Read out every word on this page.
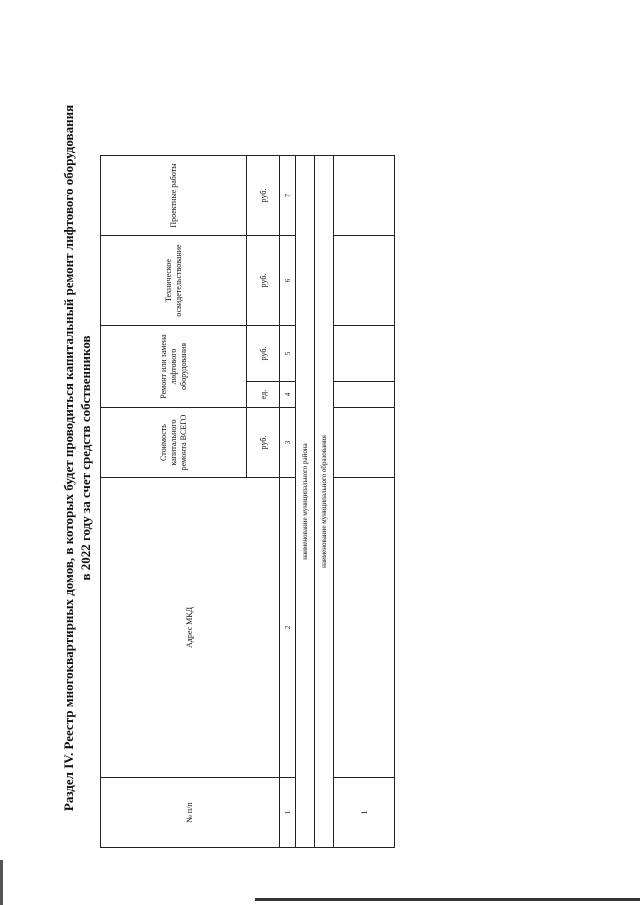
Раздел IV. Реестр многоквартирных домов, в которых будет проводиться капитальный ремонт лифтового оборудования в 2022 году за счет средств собственников
№ п/п	Адрес МКД	Стоимость капитального ремонта ВСЕГО	Ремонт или замена лифтового оборудования		Техническое освидетельствование	Проектные работы
		руб.	ед.	руб.	руб.	руб.
1	2	3	4	5	6	7
наименование муниципального района						
наименование муниципального образования						
1						
